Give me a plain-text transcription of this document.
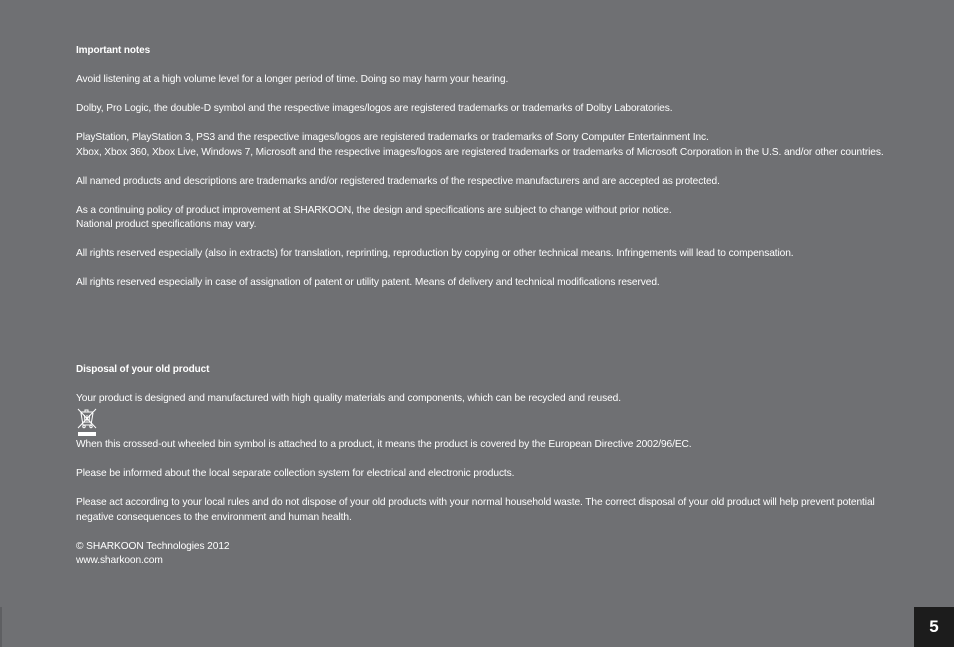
Important notes

Avoid listening at a high volume level for a longer period of time. Doing so may harm your hearing.

Dolby, Pro Logic, the double-D symbol and the respective images/logos are registered trademarks or trademarks of Dolby Laboratories.

PlayStation, PlayStation 3, PS3 and the respective images/logos are registered trademarks or trademarks of Sony Computer Entertainment Inc.

Xbox, Xbox 360, Xbox Live, Windows 7, Microsoft and the respective images/logos are registered trademarks or trademarks of Microsoft Corporation in the U.S. and/or other countries.

All named products and descriptions are trademarks and/or registered trademarks of the respective manufacturers and are accepted as protected.

As a continuing policy of product improvement at SHARKOON, the design and specifications are subject to change without prior notice.

National product specifications may vary.

All rights reserved especially (also in extracts) for translation, reprinting, reproduction by copying or other technical means. Infringements will lead to compensation.

All rights reserved especially in case of assignation of patent or utility patent. Means of delivery and technical modifications reserved.

Disposal of your old product

Your product is designed and manufactured with high quality materials and components, which can be recycled and reused.

When this crossed-out wheeled bin symbol is attached to a product, it means the product is covered by the European Directive 2002/96/EC.

Please be informed about the local separate collection system for electrical and electronic products.

Please act according to your local rules and do not dispose of your old products with your normal household waste. The correct disposal of your old product will help prevent potential negative consequences to the environment and human health.

© SHARKOON Technologies 2012

www.sharkoon.com

5
